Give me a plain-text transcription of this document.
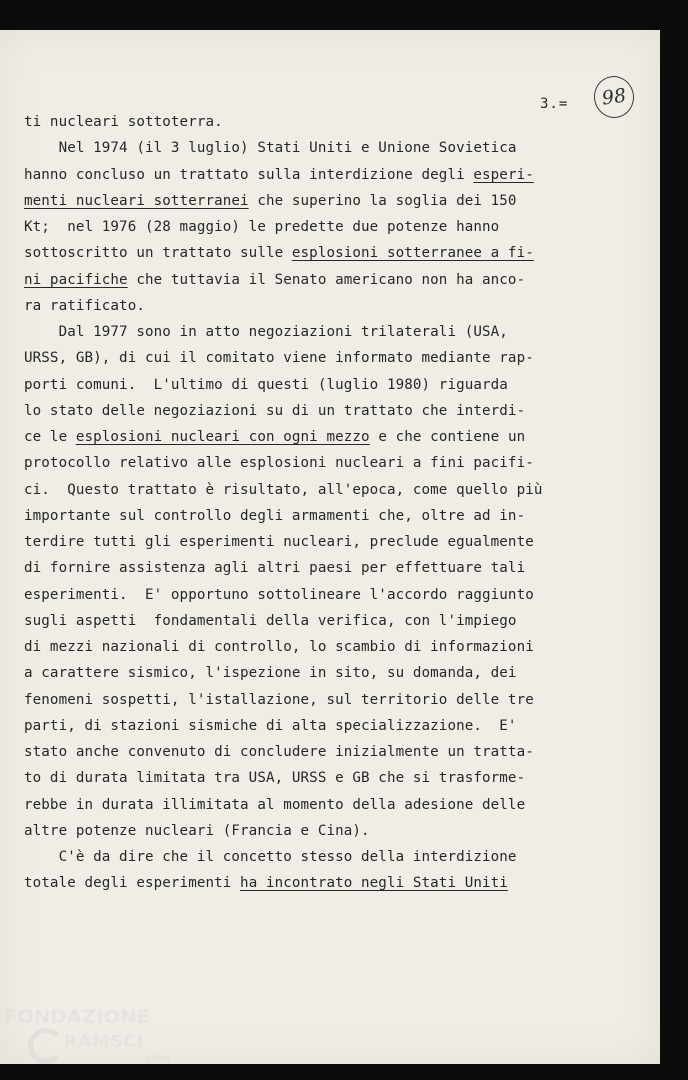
3.=	98
ti nucleari sottoterra.
Nel 1974 (il 3 luglio) Stati Uniti e Unione Sovietica
hanno concluso un trattato sulla interdizione degli esperi-
menti nucleari sotterranei che superino la soglia dei 150
Kt;  nel 1976 (28 maggio) le predette due potenze hanno
sottoscritto un trattato sulle esplosioni sotterranee a fi-
ni pacifiche che tuttavia il Senato americano non ha anco-
ra ratificato.
Dal 1977 sono in atto negoziazioni trilaterali (USA,
URSS, GB), di cui il comitato viene informato mediante rap-
porti comuni.  L'ultimo di questi (luglio 1980) riguarda
lo stato delle negoziazioni su di un trattato che interdi-
ce le esplosioni nucleari con ogni mezzo e che contiene un
protocollo relativo alle esplosioni nucleari a fini pacifi-
ci.  Questo trattato è risultato, all'epoca, come quello più
importante sul controllo degli armamenti che, oltre ad in-
terdire tutti gli esperimenti nucleari, preclude egualmente
di fornire assistenza agli altri paesi per effettuare tali
esperimenti.  E' opportuno sottolineare l'accordo raggiunto
sugli aspetti  fondamentali della verifica, con l'impiego
di mezzi nazionali di controllo, lo scambio di informazioni
a carattere sismico, l'ispezione in sito, su domanda, dei
fenomeni sospetti, l'istallazione, sul territorio delle tre
parti, di stazioni sismiche di alta specializzazione.  E'
stato anche convenuto di concludere inizialmente un tratta-
to di durata limitata tra USA, URSS e GB che si trasforme-
rebbe in durata illimitata al momento della adesione delle
altre potenze nucleari (Francia e Cina).
C'è da dire che il concetto stesso della interdizione
totale degli esperimenti ha incontrato negli Stati Uniti
FONDAZIONE
RAMSCI
onlus
